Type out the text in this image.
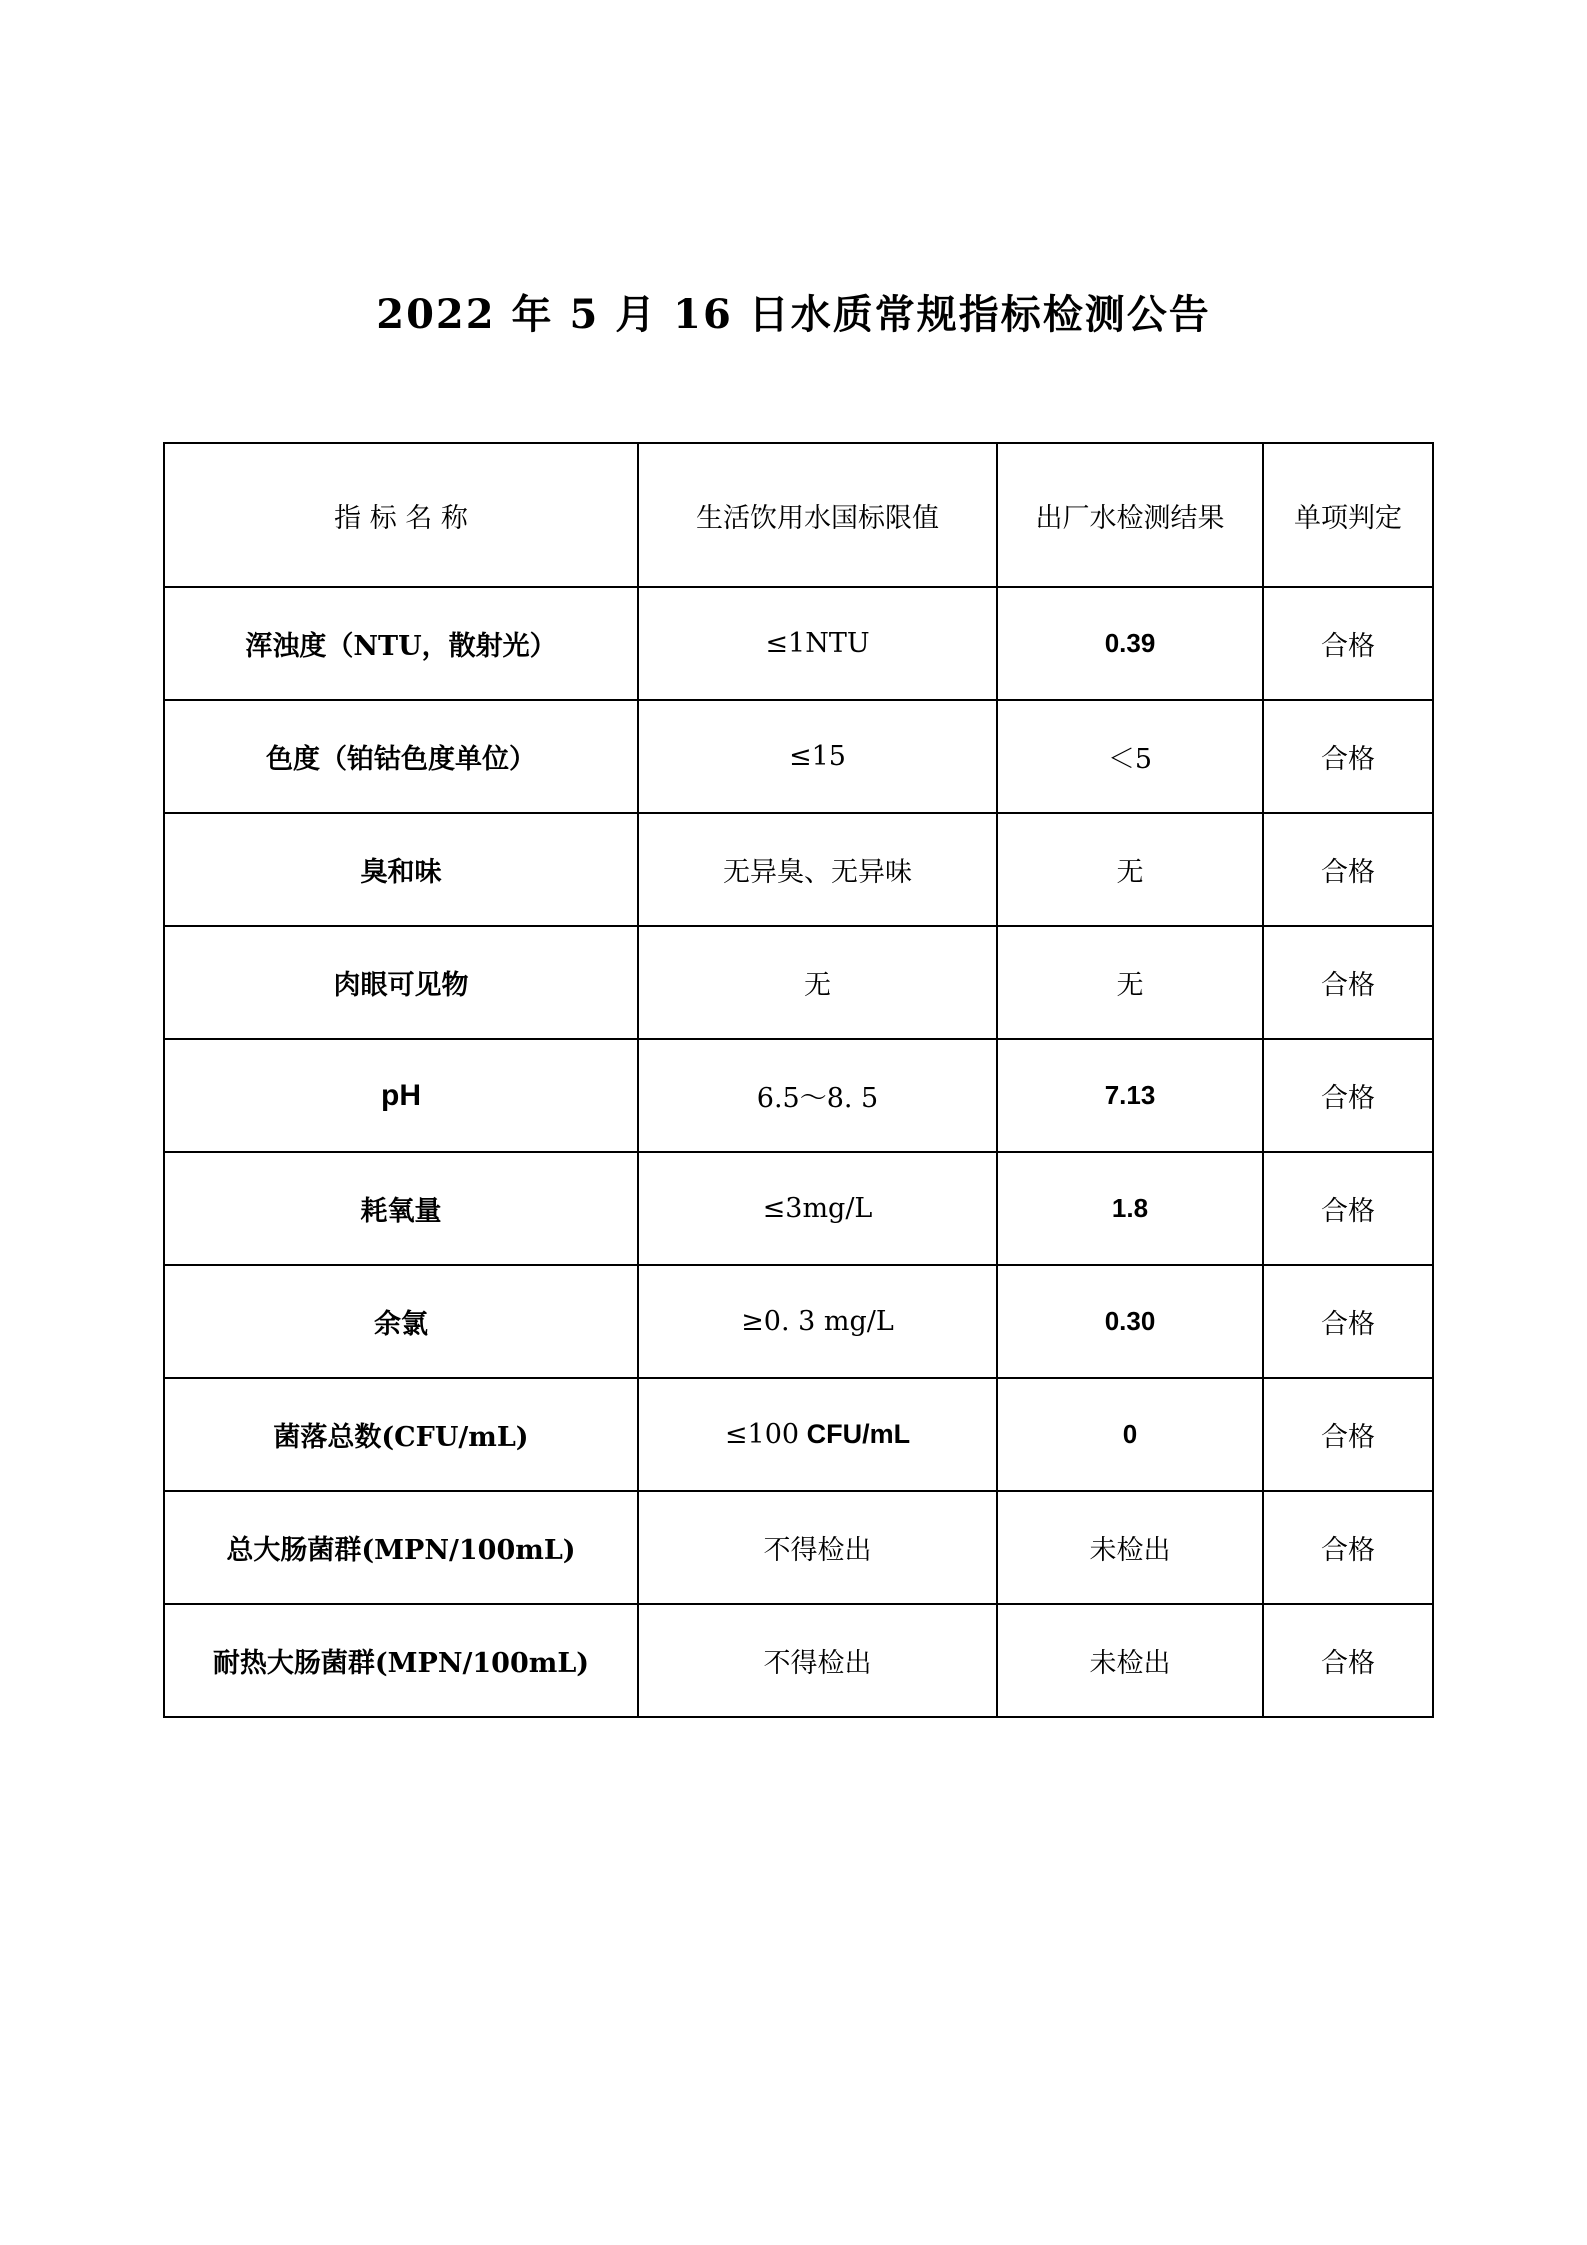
2022 年 5 月 16 日水质常规指标检测公告
指 标 名 称	生活饮用水国标限值	出厂水检测结果	单项判定
浑浊度（NTU，散射光）	≤1NTU	0.39	合格
色度（铂钴色度单位）	≤15	＜5	合格
臭和味	无异臭、无异味	无	合格
肉眼可见物	无	无	合格
pH	6.5～8. 5	7.13	合格
耗氧量	≤3mg/L	1.8	合格
余氯	≥0. 3 mg/L	0.30	合格
菌落总数(CFU/mL)	≤100 CFU/mL	0	合格
总大肠菌群(MPN/100mL)	不得检出	未检出	合格
耐热大肠菌群(MPN/100mL)	不得检出	未检出	合格
